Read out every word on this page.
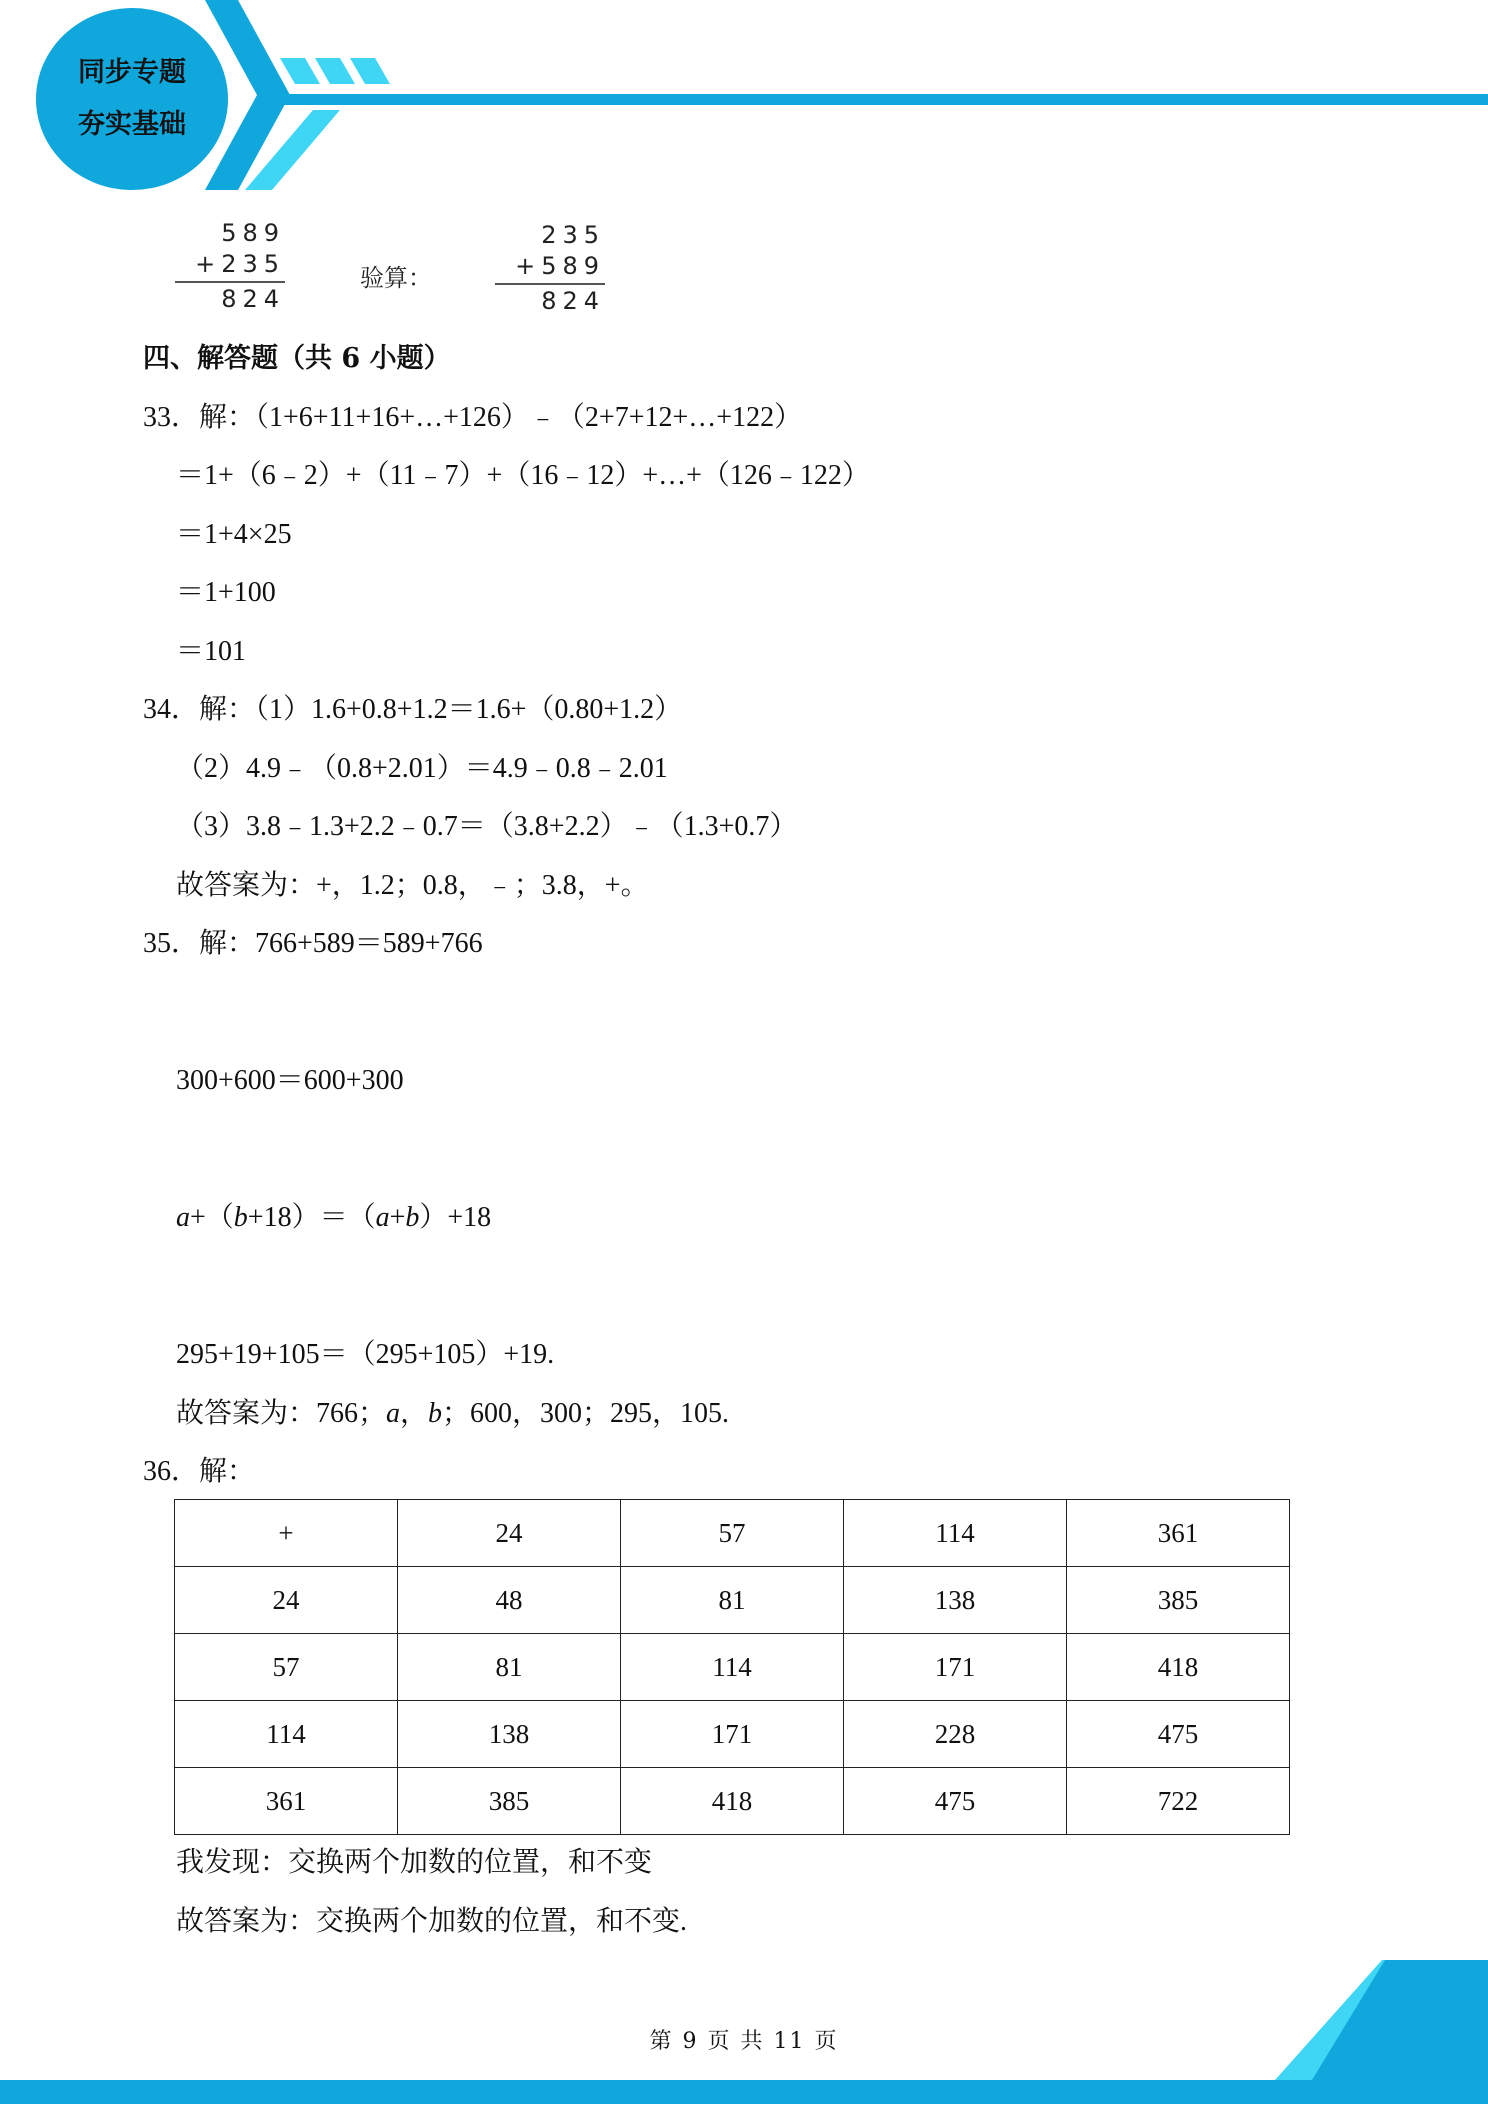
同步专题
夯实基础
589
+235
824
验算：
235
+589
824
四、解答题（共 6 小题）
33．解：（1+6+11+16+…+126）﹣（2+7+12+…+122）
＝1+（6﹣2）+（11﹣7）+（16﹣12）+…+（126﹣122）
＝1+4×25
＝1+100
＝101
34．解：（1）1.6+0.8+1.2＝1.6+（0.80+1.2）
（2）4.9﹣（0.8+2.01）＝4.9﹣0.8﹣2.01
（3）3.8﹣1.3+2.2﹣0.7＝（3.8+2.2）﹣（1.3+0.7）
故答案为：+，1.2；0.8，﹣；3.8，+。
35．解：766+589＝589+766
300+600＝600+300
a+（b+18）＝（a+b）+18
295+19+105＝（295+105）+19.
故答案为：766；a，b；600，300；295，105.
36．解：
+	24	57	114	361
24	48	81	138	385
57	81	114	171	418
114	138	171	228	475
361	385	418	475	722
我发现：交换两个加数的位置，和不变
故答案为：交换两个加数的位置，和不变.
第 9 页 共 11 页
